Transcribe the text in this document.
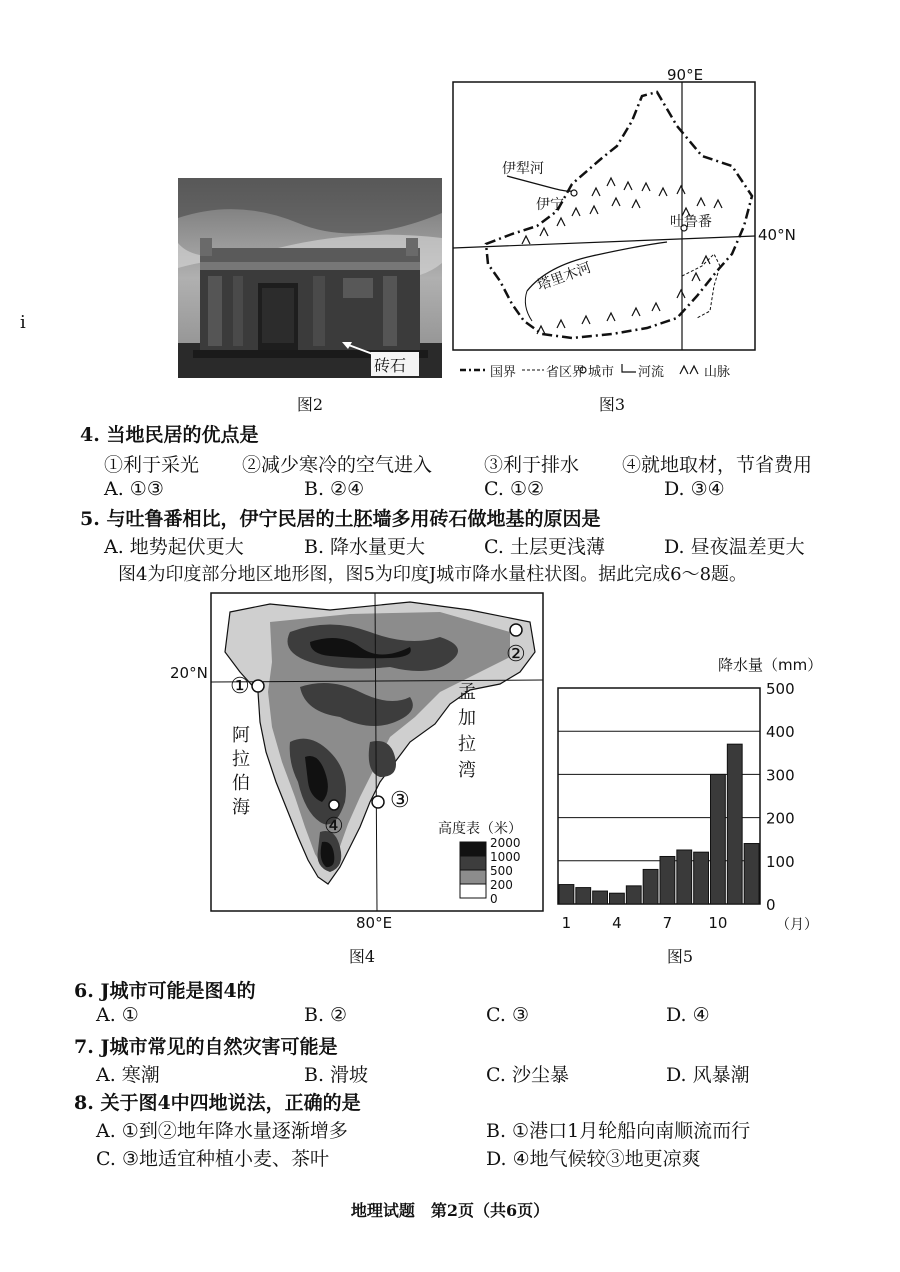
i
砖石
图2
90°E
40°N
伊犁河
伊宁
吐鲁番
塔里木河
国界 省区界 城市 河流	山脉
图3
4. 当地民居的优点是
①利于采光 ②减少寒冷的空气进入	③利于排水 ④就地取材，节省费用
A. ①③	B. ②④	C. ①②	D. ③④
5. 与吐鲁番相比，伊宁民居的土胚墙多用砖石做地基的原因是
A. 地势起伏更大	B. 降水量更大	C. 土层更浅薄	D. 昼夜温差更大
图4为印度部分地区地形图，图5为印度J城市降水量柱状图。据此完成6～8题。
①
②
③
④
阿
拉
伯
海
孟
加
拉
湾
高度表（米）
2000
1000
500
200
0
20°N
80°E
图4
0
100
200
300
400
500
1	4	7 10
降水量（mm）
（月）
图5
6. J城市可能是图4的
A. ①	B. ②	C. ③	D. ④
7. J城市常见的自然灾害可能是
A. 寒潮	B. 滑坡	C. 沙尘暴	D. 风暴潮
8. 关于图4中四地说法，正确的是
A. ①到②地年降水量逐渐增多	B. ①港口1月轮船向南顺流而行
C. ③地适宜种植小麦、茶叶	D. ④地气候较③地更凉爽
地理试题　第2页（共6页）
